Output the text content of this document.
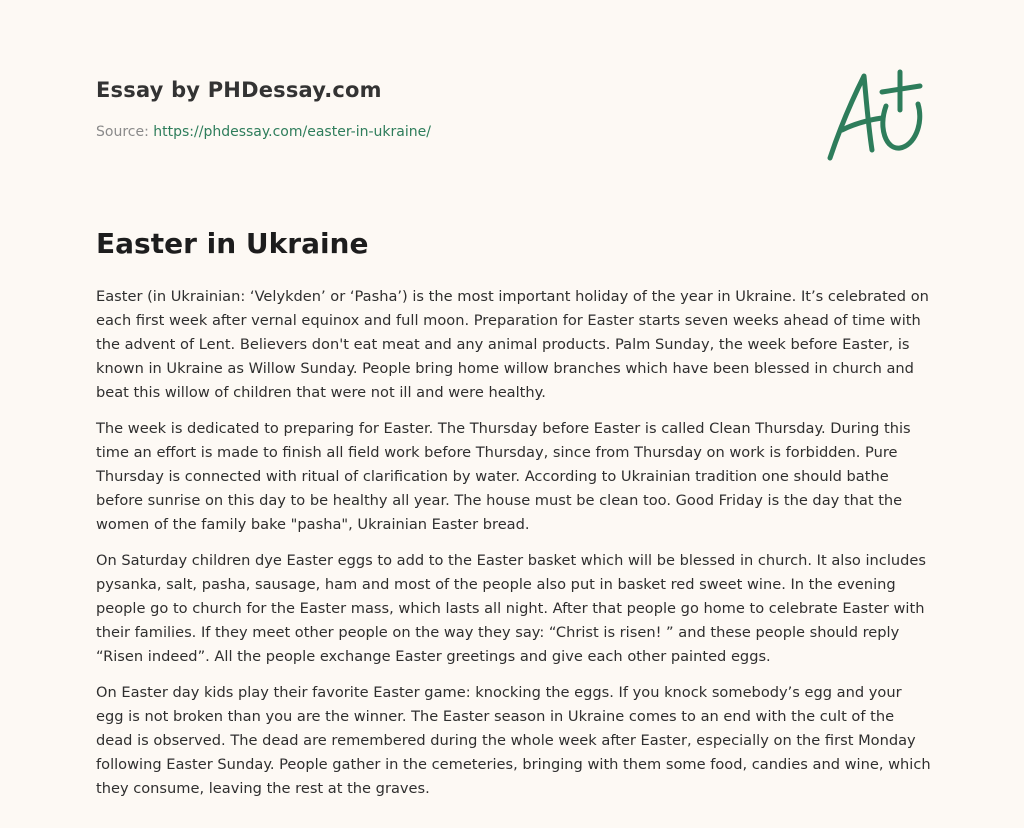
Essay by PHDessay.com
Source: https://phdessay.com/easter-in-ukraine/
Easter in Ukraine

Easter (in Ukrainian: ‘Velykden’ or ‘Pasha’) is the most important holiday of the year in Ukraine. It’s celebrated on each first week after vernal equinox and full moon. Preparation for Easter starts seven weeks ahead of time with the advent of Lent. Believers don't eat meat and any animal products. Palm Sunday, the week before Easter, is known in Ukraine as Willow Sunday. People bring home willow branches which have been blessed in church and beat this willow of children that were not ill and were healthy.

The week is dedicated to preparing for Easter. The Thursday before Easter is called Clean Thursday. During this time an effort is made to finish all field work before Thursday, since from Thursday on work is forbidden. Pure Thursday is connected with ritual of clarification by water. According to Ukrainian tradition one should bathe before sunrise on this day to be healthy all year. The house must be clean too. Good Friday is the day that the women of the family bake "pasha", Ukrainian Easter bread.

On Saturday children dye Easter eggs to add to the Easter basket which will be blessed in church. It also includes pysanka, salt, pasha, sausage, ham and most of the people also put in basket red sweet wine. In the evening people go to church for the Easter mass, which lasts all night. After that people go home to celebrate Easter with their families. If they meet other people on the way they say: “Christ is risen! ” and these people should reply “Risen indeed”. All the people exchange Easter greetings and give each other painted eggs.

On Easter day kids play their favorite Easter game: knocking the eggs. If you knock somebody’s egg and your egg is not broken than you are the winner. The Easter season in Ukraine comes to an end with the cult of the dead is observed. The dead are remembered during the whole week after Easter, especially on the first Monday following Easter Sunday. People gather in the cemeteries, bringing with them some food, candies and wine, which they consume, leaving the rest at the graves.
